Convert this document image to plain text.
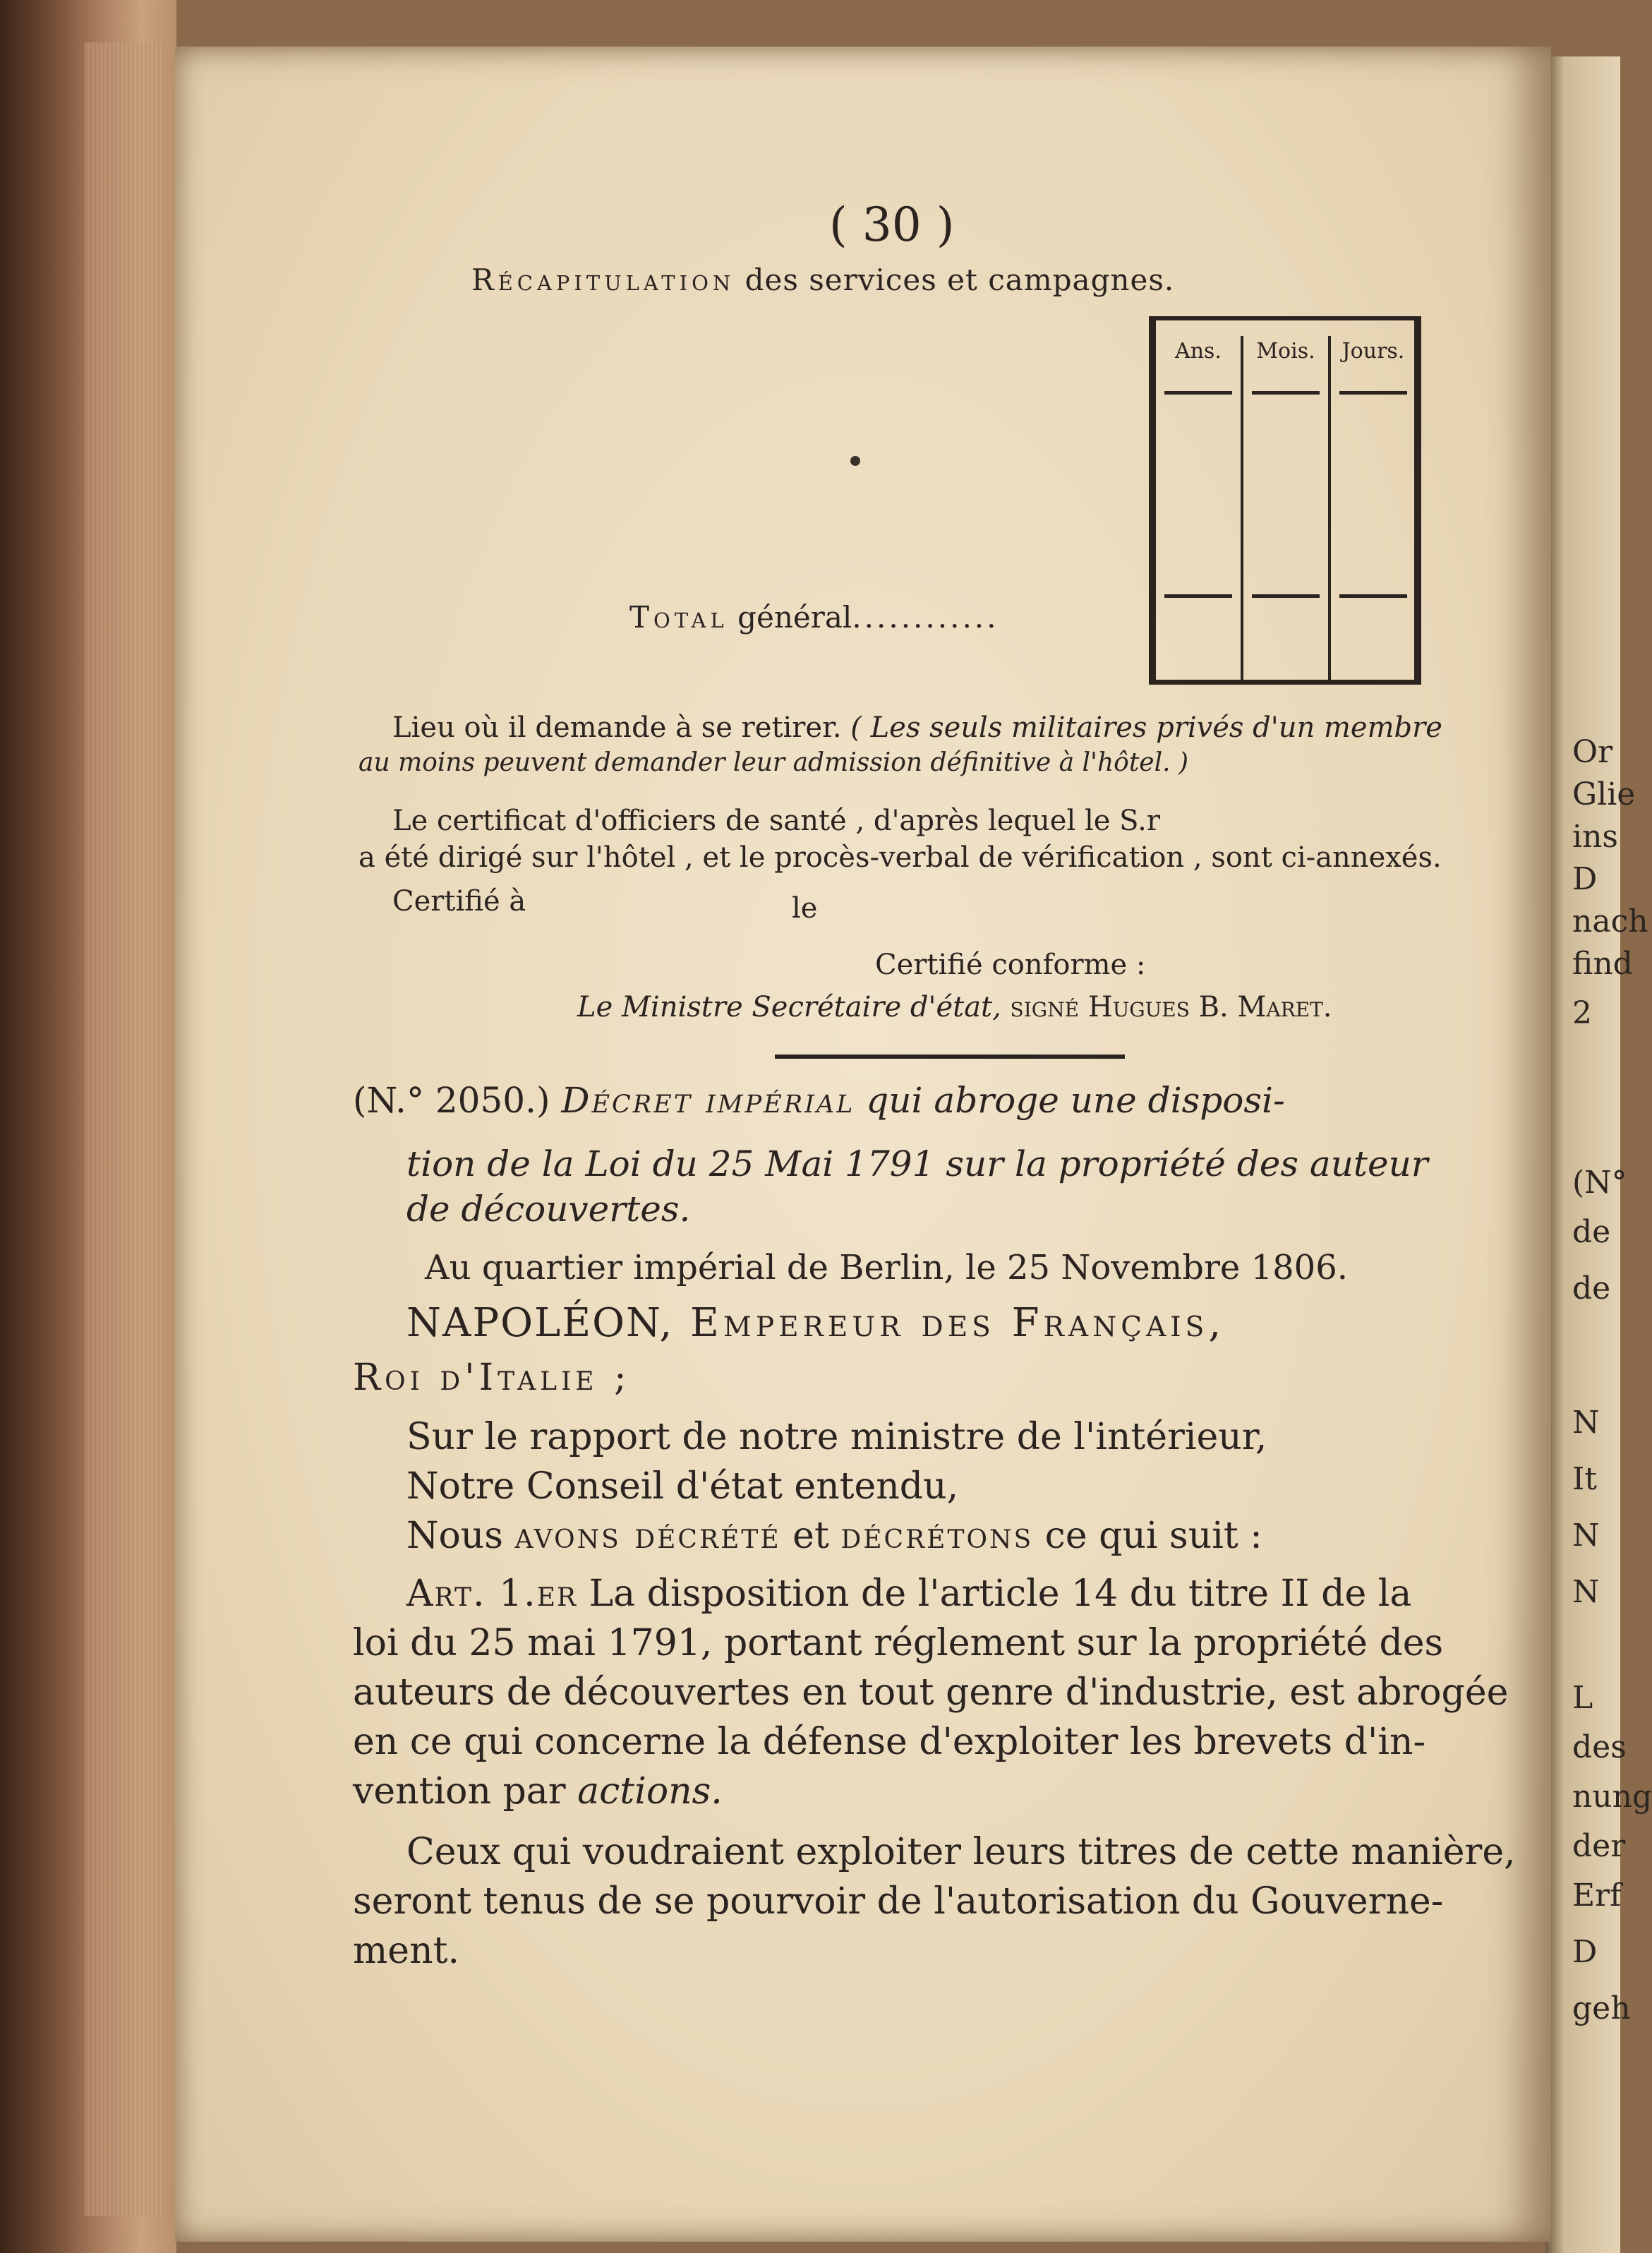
Or
Glie
ins
D
nach
find
2
(N°
de
de
N
It
N
N
L
des
nung
der
Erf
D
geh
( 30 )
Récapitulation des services et campagnes.
Ans.	Mois.	Jours.
Total général............
Lieu où il demande à se retirer. ( Les seuls militaires privés d'un membre
au moins peuvent demander leur admission définitive à l'hôtel. )
Le certificat d'officiers de santé , d'après lequel le S.r
a été dirigé sur l'hôtel , et le procès-verbal de vérification , sont ci-annexés.
Certifié à	le
Certifié conforme :
Le Ministre Secrétaire d'état, signé Hugues B. Maret.
(N.° 2050.) Décret impérial qui abroge une disposi-
tion de la Loi du 25 Mai 1791 sur la propriété des auteur
de découvertes.
Au quartier impérial de Berlin, le 25 Novembre 1806.
NAPOLÉON, Empereur des Français,
Roi d'Italie ;
Sur le rapport de notre ministre de l'intérieur,
Notre Conseil d'état entendu,
Nous avons décrété et décrétons ce qui suit :
Art. 1.er La disposition de l'article 14 du titre II de la
loi du 25 mai 1791, portant réglement sur la propriété des
auteurs de découvertes en tout genre d'industrie, est abrogée
en ce qui concerne la défense d'exploiter les brevets d'in-
vention par actions.
Ceux qui voudraient exploiter leurs titres de cette manière,
seront tenus de se pourvoir de l'autorisation du Gouverne-
ment.
